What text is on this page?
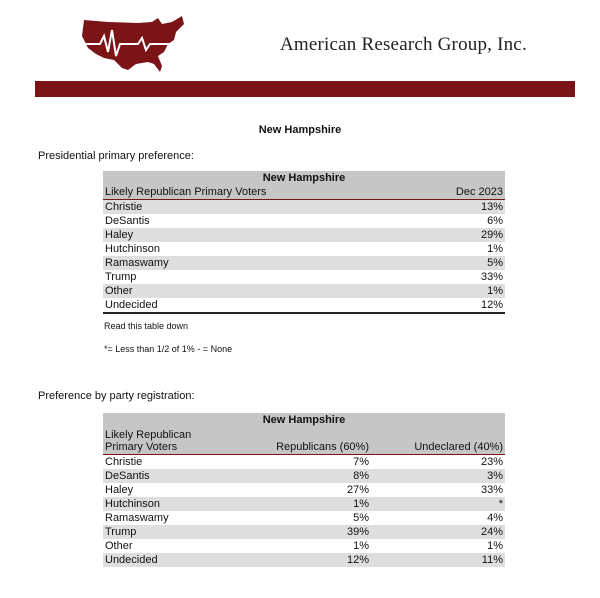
American Research Group, Inc.
New Hampshire
Presidential primary preference:
New Hampshire
Likely Republican Primary Voters	Dec 2023
Christie	13%
DeSantis	6%
Haley	29%
Hutchinson	1%
Ramaswamy	5%
Trump	33%
Other	1%
Undecided	12%
Read this table down
*= Less than 1/2 of 1% - = None
Preference by party registration:
New Hampshire
Likely Republican
Primary Voters	Republicans (60%)	Undeclared (40%)
Christie	7%	23%
DeSantis	8%	3%
Haley	27%	33%
Hutchinson	1%	*
Ramaswamy	5%	4%
Trump	39%	24%
Other	1%	1%
Undecided	12%	11%
